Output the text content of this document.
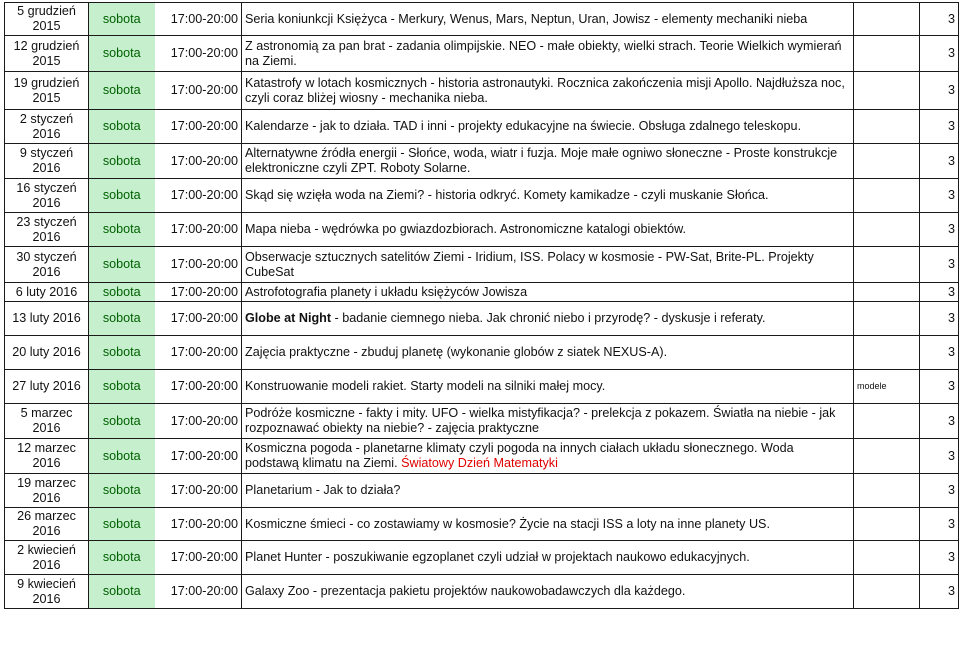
5 grudzień 2015	sobota	17:00-20:00	Seria koniunkcji Księżyca - Merkury, Wenus, Mars, Neptun, Uran, Jowisz - elementy mechaniki nieba		3
12 grudzień 2015	sobota	17:00-20:00	Z astronomią za pan brat - zadania olimpijskie. NEO - małe obiekty, wielki strach. Teorie Wielkich wymierań na Ziemi.		3
19 grudzień 2015	sobota	17:00-20:00	Katastrofy w lotach kosmicznych - historia astronautyki. Rocznica zakończenia misji Apollo. Najdłuższa noc, czyli coraz bliżej wiosny - mechanika nieba.		3
2 styczeń 2016	sobota	17:00-20:00	Kalendarze - jak to działa. TAD i inni - projekty edukacyjne na świecie. Obsługa zdalnego teleskopu.		3
9 styczeń 2016	sobota	17:00-20:00	Alternatywne źródła energii - Słońce, woda, wiatr i fuzja. Moje małe ogniwo słoneczne - Proste konstrukcje elektroniczne czyli ZPT. Roboty Solarne.		3
16 styczeń 2016	sobota	17:00-20:00	Skąd się wzięła woda na Ziemi? - historia odkryć. Komety kamikadze - czyli muskanie Słońca.		3
23 styczeń 2016	sobota	17:00-20:00	Mapa nieba - wędrówka po gwiazdozbiorach. Astronomiczne katalogi obiektów.		3
30 styczeń 2016	sobota	17:00-20:00	Obserwacje sztucznych satelitów Ziemi - Iridium, ISS. Polacy w kosmosie - PW-Sat, Brite-PL. Projekty CubeSat		3
6 luty 2016	sobota	17:00-20:00	Astrofotografia planety i układu księżyców Jowisza		3
13 luty 2016	sobota	17:00-20:00	Globe at Night - badanie ciemnego nieba. Jak chronić niebo i przyrodę? - dyskusje i referaty.		3
20 luty 2016	sobota	17:00-20:00	Zajęcia praktyczne - zbuduj planetę (wykonanie globów z siatek NEXUS-A).		3
27 luty 2016	sobota	17:00-20:00	Konstruowanie modeli rakiet. Starty modeli na silniki małej mocy.	modele	3
5 marzec 2016	sobota	17:00-20:00	Podróże kosmiczne - fakty i mity. UFO - wielka mistyfikacja? - prelekcja z pokazem. Światła na niebie - jak rozpoznawać obiekty na niebie? - zajęcia praktyczne		3
12 marzec 2016	sobota	17:00-20:00	Kosmiczna pogoda - planetarne klimaty czyli pogoda na innych ciałach układu słonecznego. Woda podstawą klimatu na Ziemi. Światowy Dzień Matematyki		3
19 marzec 2016	sobota	17:00-20:00	Planetarium - Jak to działa?		3
26 marzec 2016	sobota	17:00-20:00	Kosmiczne śmieci - co zostawiamy w kosmosie? Życie na stacji ISS a loty na inne planety US.		3
2 kwiecień 2016	sobota	17:00-20:00	Planet Hunter - poszukiwanie egzoplanet czyli udział w projektach naukowo edukacyjnych.		3
9 kwiecień 2016	sobota	17:00-20:00	Galaxy Zoo - prezentacja pakietu projektów naukowobadawczych dla każdego.		3
